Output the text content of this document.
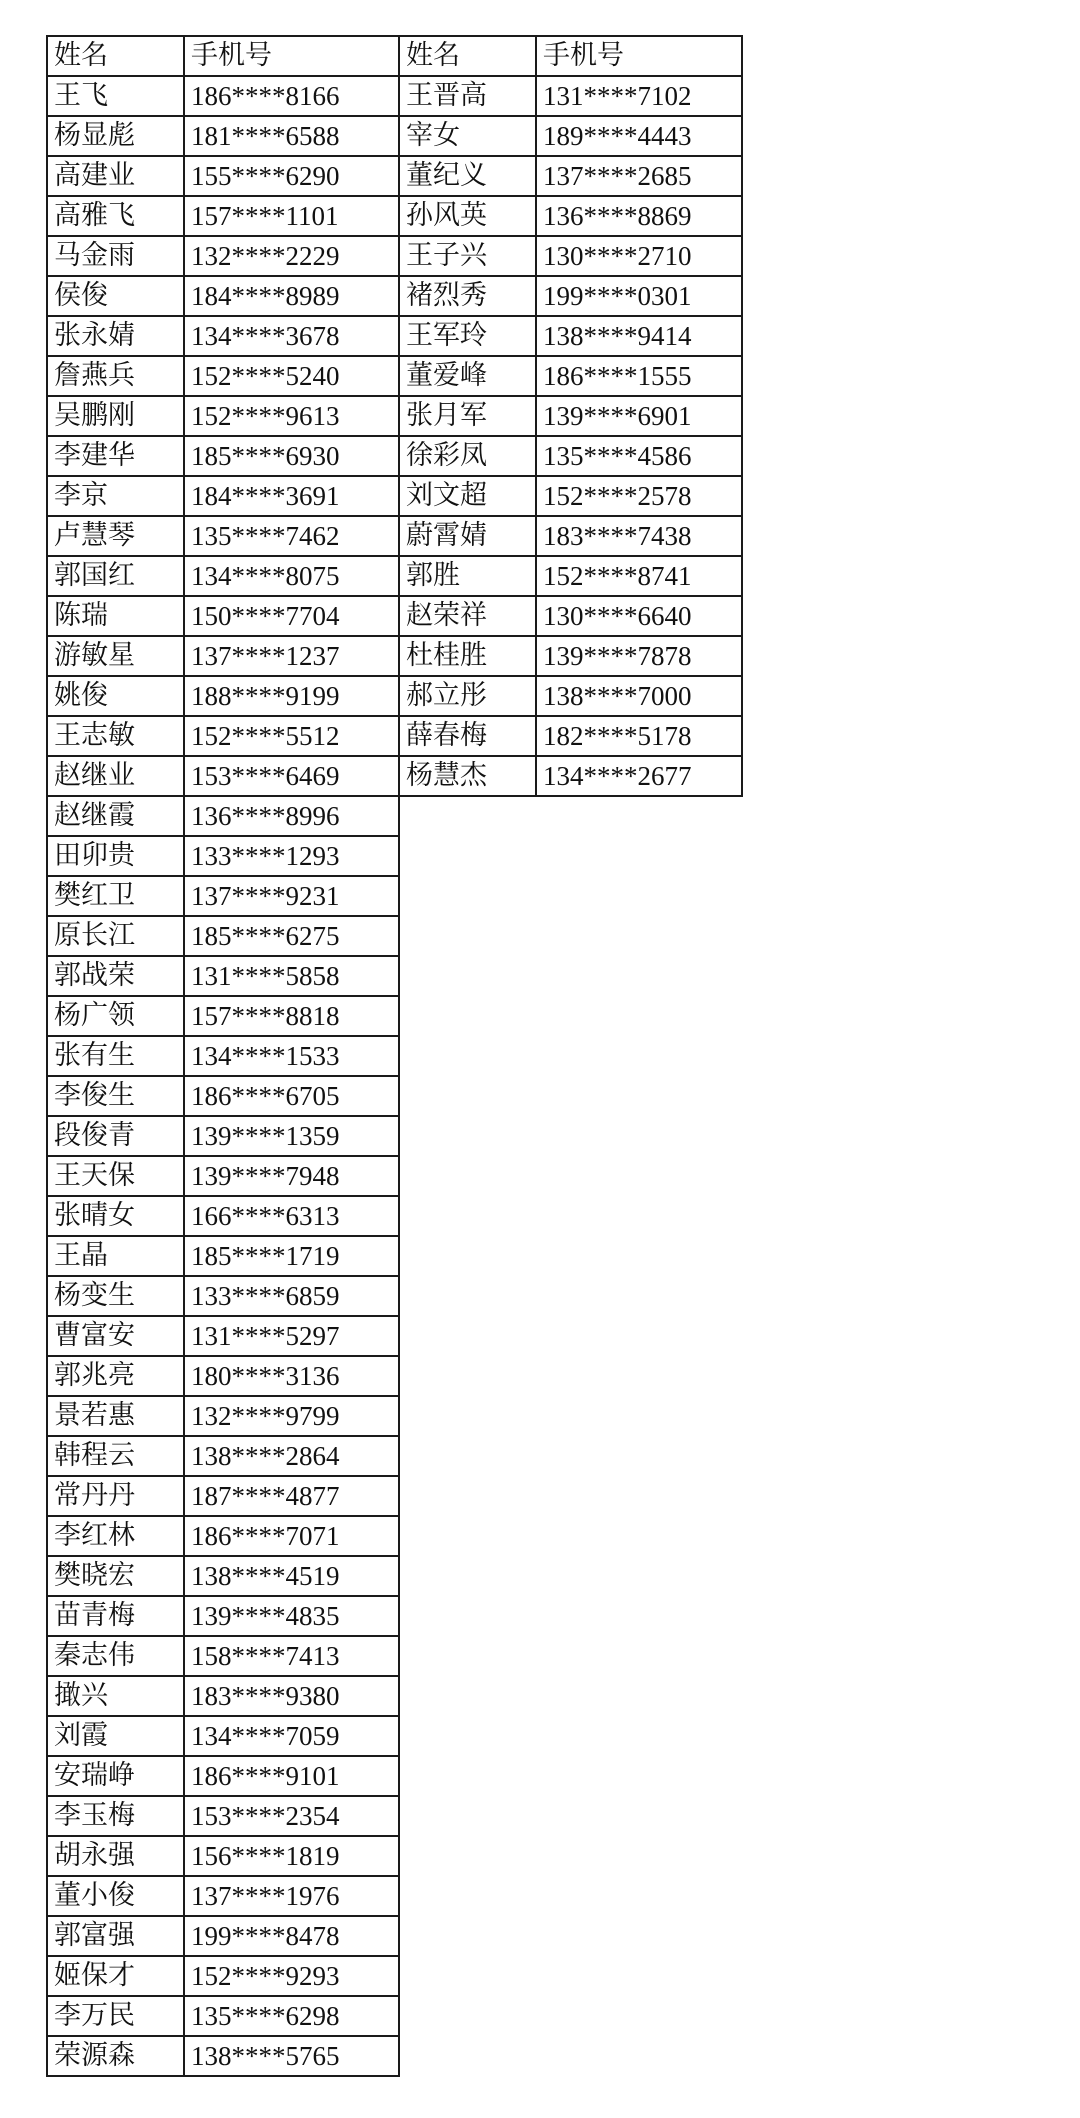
姓名	手机号	姓名	手机号
王飞	186****8166	王晋高	131****7102
杨显彪	181****6588	宰女	189****4443
高建业	155****6290	董纪义	137****2685
高雅飞	157****1101	孙风英	136****8869
马金雨	132****2229	王子兴	130****2710
侯俊	184****8989	褚烈秀	199****0301
张永婧	134****3678	王军玲	138****9414
詹燕兵	152****5240	董爱峰	186****1555
吴鹏刚	152****9613	张月军	139****6901
李建华	185****6930	徐彩凤	135****4586
李京	184****3691	刘文超	152****2578
卢慧琴	135****7462	蔚霄婧	183****7438
郭国红	134****8075	郭胜	152****8741
陈瑞	150****7704	赵荣祥	130****6640
游敏星	137****1237	杜桂胜	139****7878
姚俊	188****9199	郝立彤	138****7000
王志敏	152****5512	薛春梅	182****5178
赵继业	153****6469	杨慧杰	134****2677
赵继霞	136****8996		
田卯贵	133****1293		
樊红卫	137****9231		
原长江	185****6275		
郭战荣	131****5858		
杨广领	157****8818		
张有生	134****1533		
李俊生	186****6705		
段俊青	139****1359		
王天保	139****7948		
张晴女	166****6313		
王晶	185****1719		
杨变生	133****6859		
曹富安	131****5297		
郭兆亮	180****3136		
景若惠	132****9799		
韩程云	138****2864		
常丹丹	187****4877		
李红林	186****7071		
樊晓宏	138****4519		
苗青梅	139****4835		
秦志伟	158****7413		
撖兴	183****9380		
刘霞	134****7059		
安瑞峥	186****9101		
李玉梅	153****2354		
胡永强	156****1819		
董小俊	137****1976		
郭富强	199****8478		
姬保才	152****9293		
李万民	135****6298		
荣源森	138****5765		
